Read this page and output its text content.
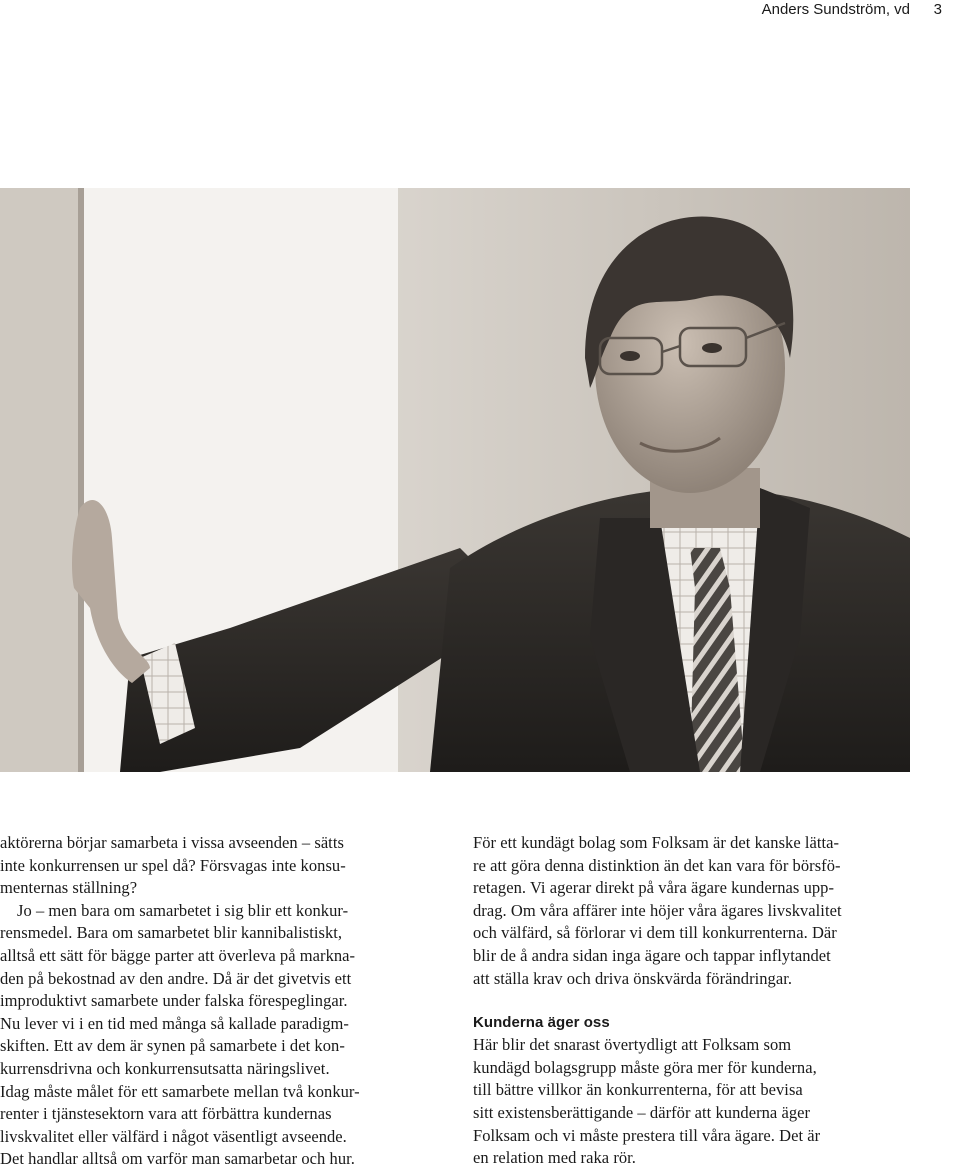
Anders Sundström, vd 3

aktörerna börjar samarbeta i vissa avseenden – sätts
inte konkurrensen ur spel då? Försvagas inte konsu-
menternas ställning?

Jo – men bara om samarbetet i sig blir ett konkur-
rensmedel. Bara om samarbetet blir kannibalistiskt,
alltså ett sätt för bägge parter att överleva på markna-
den på bekostnad av den andre. Då är det givetvis ett
improduktivt samarbete under falska förespeglingar.
Nu lever vi i en tid med många så kallade paradigm-
skiften. Ett av dem är synen på samarbete i det kon-
kurrensdrivna och konkurrensutsatta näringslivet.
Idag måste målet för ett samarbete mellan två konkur-
renter i tjänstesektorn vara att förbättra kundernas
livskvalitet eller välfärd i något väsentligt avseende.
Det handlar alltså om varför man samarbetar och hur.

För ett kundägt bolag som Folksam är det kanske lätta-
re att göra denna distinktion än det kan vara för börsfö-
retagen. Vi agerar direkt på våra ägare kundernas upp-
drag. Om våra affärer inte höjer våra ägares livskvalitet
och välfärd, så förlorar vi dem till konkurrenterna. Där
blir de å andra sidan inga ägare och tappar inflytandet
att ställa krav och driva önskvärda förändringar.

Kunderna äger oss

Här blir det snarast övertydligt att Folksam som
kundägd bolagsgrupp måste göra mer för kunderna,
till bättre villkor än konkurrenterna, för att bevisa
sitt existensberättigande – därför att kunderna äger
Folksam och vi måste prestera till våra ägare. Det är
en relation med raka rör.
